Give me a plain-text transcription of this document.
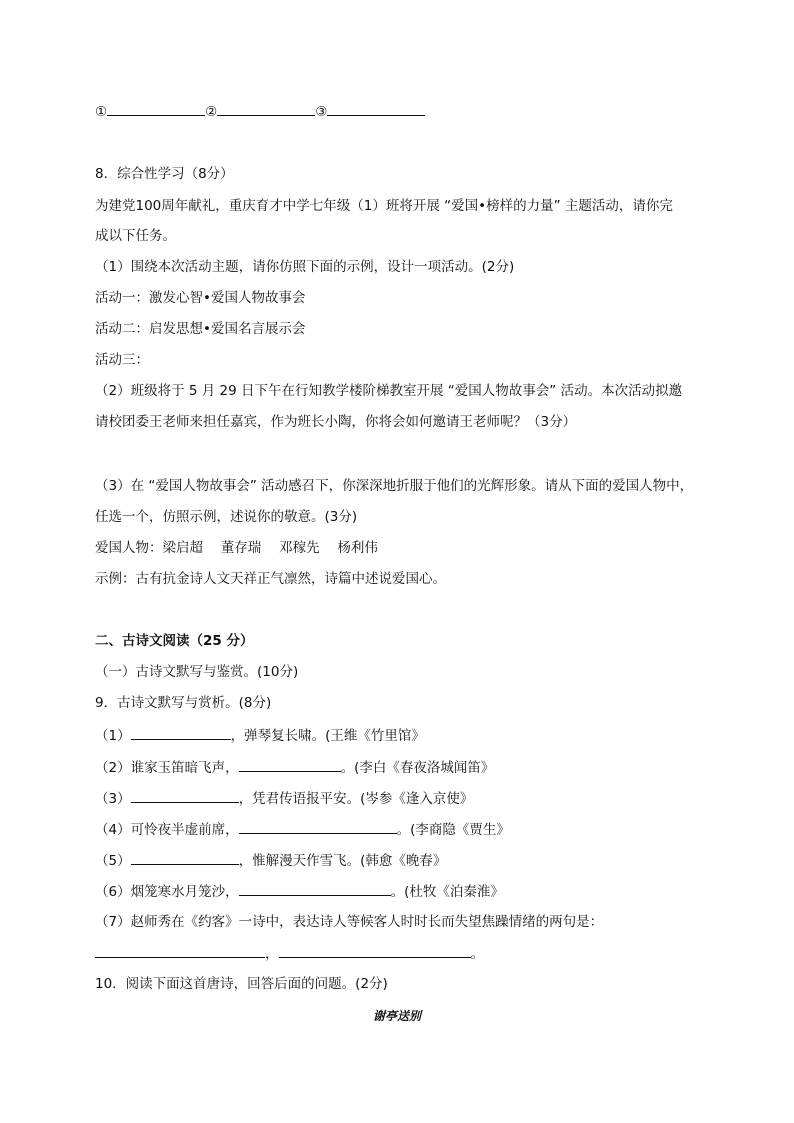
①	②	③
8．综合性学习（8分）
为建党100周年献礼，重庆育才中学七年级（1）班将开展 “爱国•榜样的力量” 主题活动，请你完
成以下任务。
（1）围绕本次活动主题，请你仿照下面的示例，设计一项活动。(2分)
活动一：激发心智•爱国人物故事会
活动二：启发思想•爱国名言展示会
活动三：
（2）班级将于 5 月 29 日下午在行知教学楼阶梯教室开展 “爱国人物故事会” 活动。本次活动拟邀
请校团委王老师来担任嘉宾，作为班长小陶，你将会如何邀请王老师呢？（3分）
（3）在 “爱国人物故事会” 活动感召下，你深深地折服于他们的光辉形象。请从下面的爱国人物中，
任选一个，仿照示例，述说你的敬意。(3分)
爱国人物：梁启超　 董存瑞　 邓稼先　 杨利伟
示例：古有抗金诗人文天祥正气凛然，诗篇中述说爱国心。
二、古诗文阅读（25 分）
（一）古诗文默写与鉴赏。(10分)
9．古诗文默写与赏析。(8分)
（1）	，弹琴复长啸。(王维《竹里馆》
（2）谁家玉笛暗飞声，	。(李白《春夜洛城闻笛》
（3）	，凭君传语报平安。(岑参《逢入京使》
（4）可怜夜半虚前席，	。(李商隐《贾生》
（5）	，惟解漫天作雪飞。(韩愈《晚春》
（6）烟笼寒水月笼沙，	。(杜牧《泊秦淮》
（7）赵师秀在《约客》一诗中，表达诗人等候客人时时长而失望焦躁情绪的两句是：
，	。
10．阅读下面这首唐诗，回答后面的问题。(2分)
谢亭送别
